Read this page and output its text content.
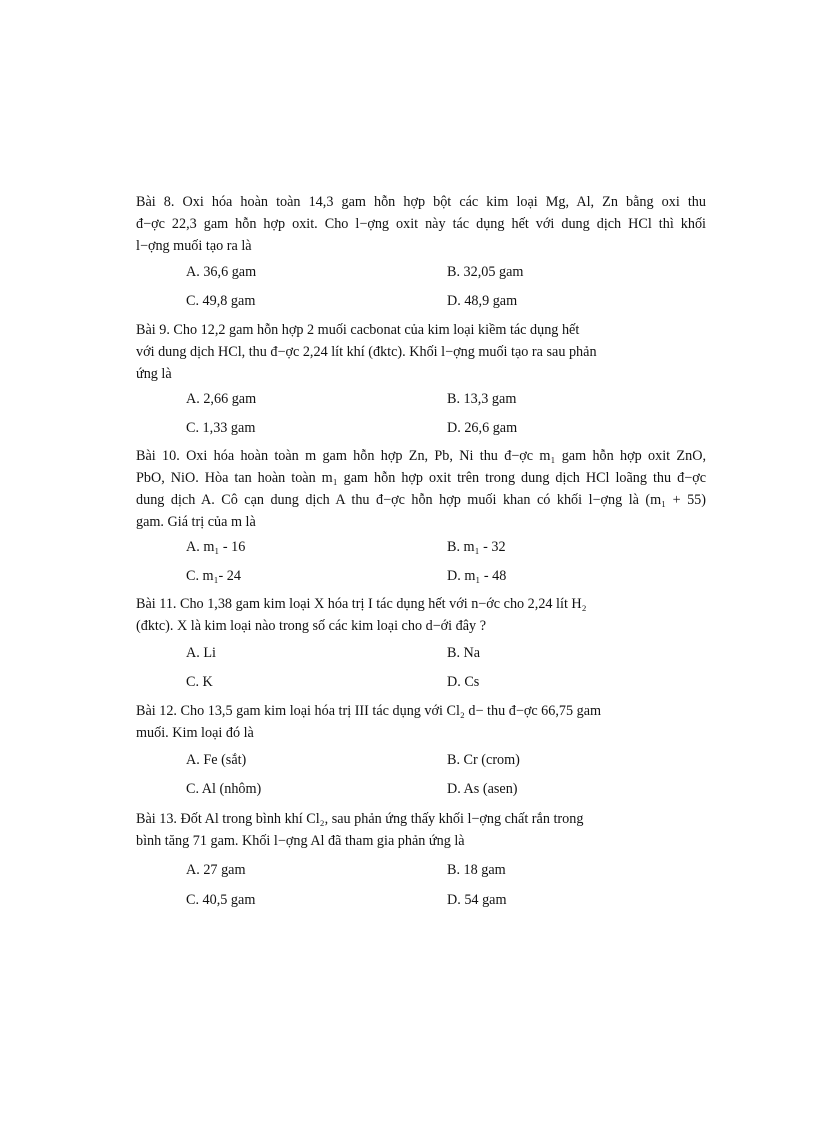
Bài 8. Oxi hóa hoàn toàn 14,3 gam hỗn hợp bột các kim loại Mg, Al, Zn bằng oxi thu
đ−ợc 22,3 gam hỗn hợp oxit. Cho l−ợng oxit này tác dụng hết với dung dịch HCl thì khối
l−ợng muối tạo ra là
A. 36,6 gam	B. 32,05 gam
C. 49,8 gam	D. 48,9 gam
Bài 9. Cho 12,2 gam hỗn hợp 2 muối cacbonat của kim loại kiềm tác dụng hết
với dung dịch HCl, thu đ−ợc 2,24 lít khí (đktc). Khối l−ợng muối tạo ra sau phản
ứng là
A. 2,66 gam	B. 13,3 gam
C. 1,33 gam	D. 26,6 gam
Bài 10. Oxi hóa hoàn toàn m gam hỗn hợp Zn, Pb, Ni thu đ−ợc m₁ gam hỗn hợp oxit ZnO,
PbO, NiO. Hòa tan hoàn toàn m₁ gam hỗn hợp oxit trên trong dung dịch HCl loãng thu đ−ợc
dung dịch A. Cô cạn dung dịch A thu đ−ợc hỗn hợp muối khan có khối l−ợng là (m₁ + 55)
gam. Giá trị của m là
A. m₁ - 16	B. m₁ - 32
C. m₁- 24	D. m₁ - 48
Bài 11. Cho 1,38 gam kim loại X hóa trị I tác dụng hết với n−ớc cho 2,24 lít H₂
(đktc). X là kim loại nào trong số các kim loại cho d−ới đây ?
A. Li	B. Na
C. K	D. Cs
Bài 12. Cho 13,5 gam kim loại hóa trị III tác dụng với Cl₂ d− thu đ−ợc 66,75 gam
muối. Kim loại đó là
A. Fe (sắt)	B. Cr (crom)
C. Al (nhôm)	D. As (asen)
Bài 13. Đốt Al trong bình khí Cl₂, sau phản ứng thấy khối l−ợng chất rắn trong
bình tăng 71 gam. Khối l−ợng Al đã tham gia phản ứng là
A. 27 gam	B. 18 gam
C. 40,5 gam	D. 54 gam
